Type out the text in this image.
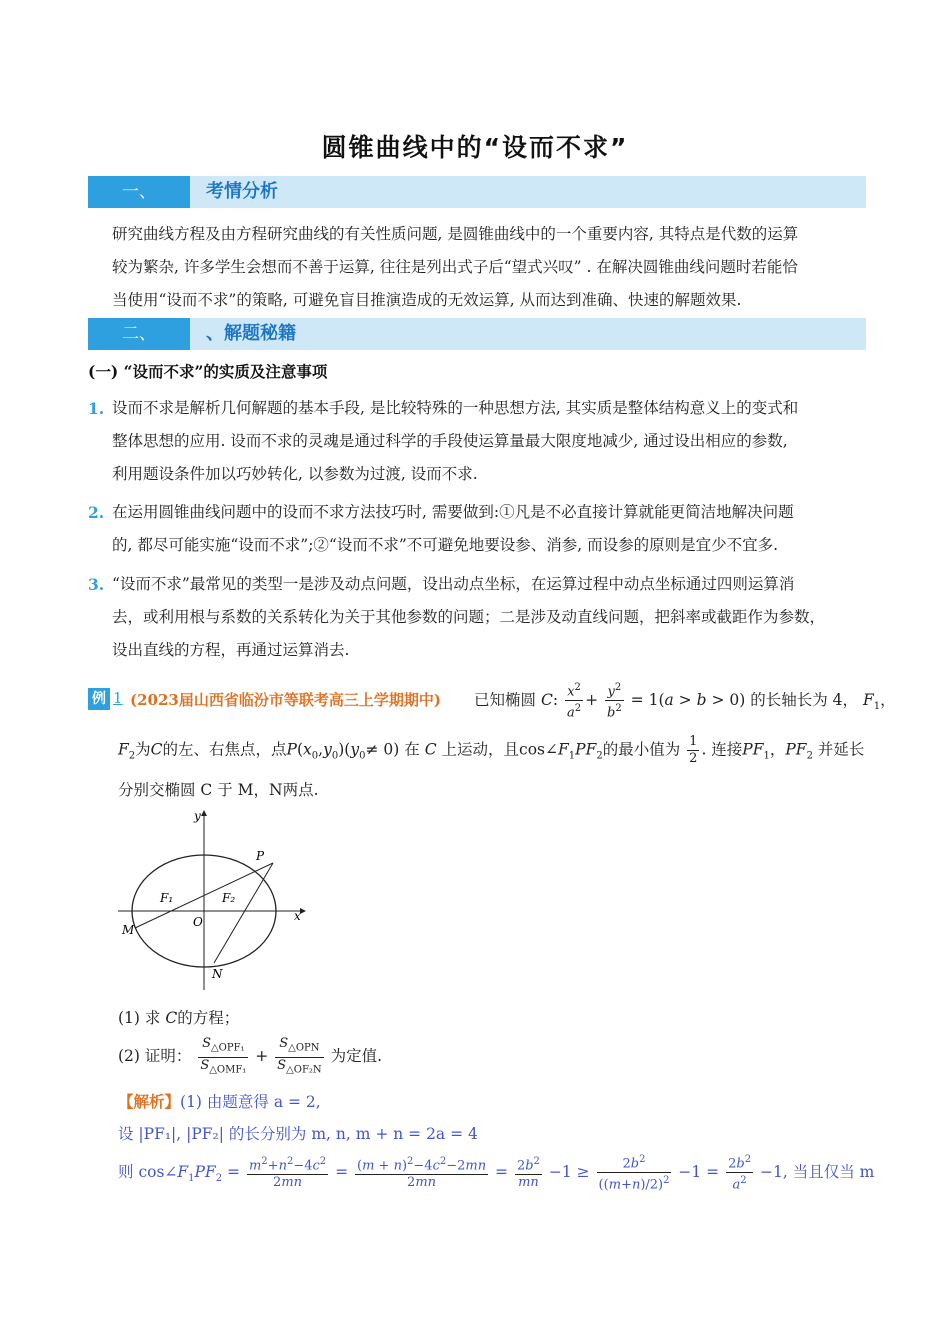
圆锥曲线中的“设而不求”
一、	考情分析
研究曲线方程及由方程研究曲线的有关性质问题, 是圆锥曲线中的一个重要内容, 其特点是代数的运算
较为繁杂, 许多学生会想而不善于运算, 往往是列出式子后“望式兴叹” . 在解决圆锥曲线问题时若能恰
当使用“设而不求”的策略, 可避免盲目推演造成的无效运算, 从而达到准确、快速的解题效果.
二、	、解题秘籍
(一) “设而不求”的实质及注意事项
1. 设而不求是解析几何解题的基本手段, 是比较特殊的一种思想方法, 其实质是整体结构意义上的变式和
整体思想的应用. 设而不求的灵魂是通过科学的手段使运算量最大限度地减少, 通过设出相应的参数,
利用题设条件加以巧妙转化, 以参数为过渡, 设而不求.
2. 在运用圆锥曲线问题中的设而不求方法技巧时, 需要做到:①凡是不必直接计算就能更简洁地解决问题
的, 都尽可能实施“设而不求”;②“设而不求”不可避免地要设参、消参, 而设参的原则是宜少不宜多.
3. “设而不求”最常见的类型一是涉及动点问题，设出动点坐标，在运算过程中动点坐标通过四则运算消
去，或利用根与系数的关系转化为关于其他参数的问题；二是涉及动直线问题，把斜率或截距作为参数，
设出直线的方程，再通过运算消去.
例 1 (2023届山西省临汾市等联考高三上学期期中) 已知椭圆 C: $\frac{x^2}{a^2} + \frac{y^2}{b^2} = 1(a > b > 0)$ 的长轴长为 4， $F_1$，
$F_2$为C的左、右焦点，点$P(x_0,y_0)(y_0\ne 0)$ 在 C 上运动，且$\cos\angle F_1PF_2$的最小值为 $\frac{1}{2}$ . 连接$PF_1$，$PF_2$ 并延长
分别交椭圆 C 于 M，N两点.
y
x
O
P
M
N
F₁	F₂
(1) 求 C的方程；
(2) 证明： $\frac{S_{\triangle OPF_1}}{S_{\triangle OMF_1}} + \frac{S_{\triangle OPN}}{S_{\triangle OF_2N}}$ 为定值.
【解析】(1) 由题意得 a = 2,
设 |PF₁|, |PF₂| 的长分别为 m, n, m + n = 2a = 4
则 $\cos\angle F_1PF_2 = \frac{m^2+n^2-4c^2}{2mn} = \frac{(m + n)^2-4c^2-2mn}{2mn} = \frac{2b^2}{mn} -1 \ge \frac{2b^2}{((m+n)/2)^2} -1 = \frac{2b^2}{a^2} -1$, 当且仅当 m
